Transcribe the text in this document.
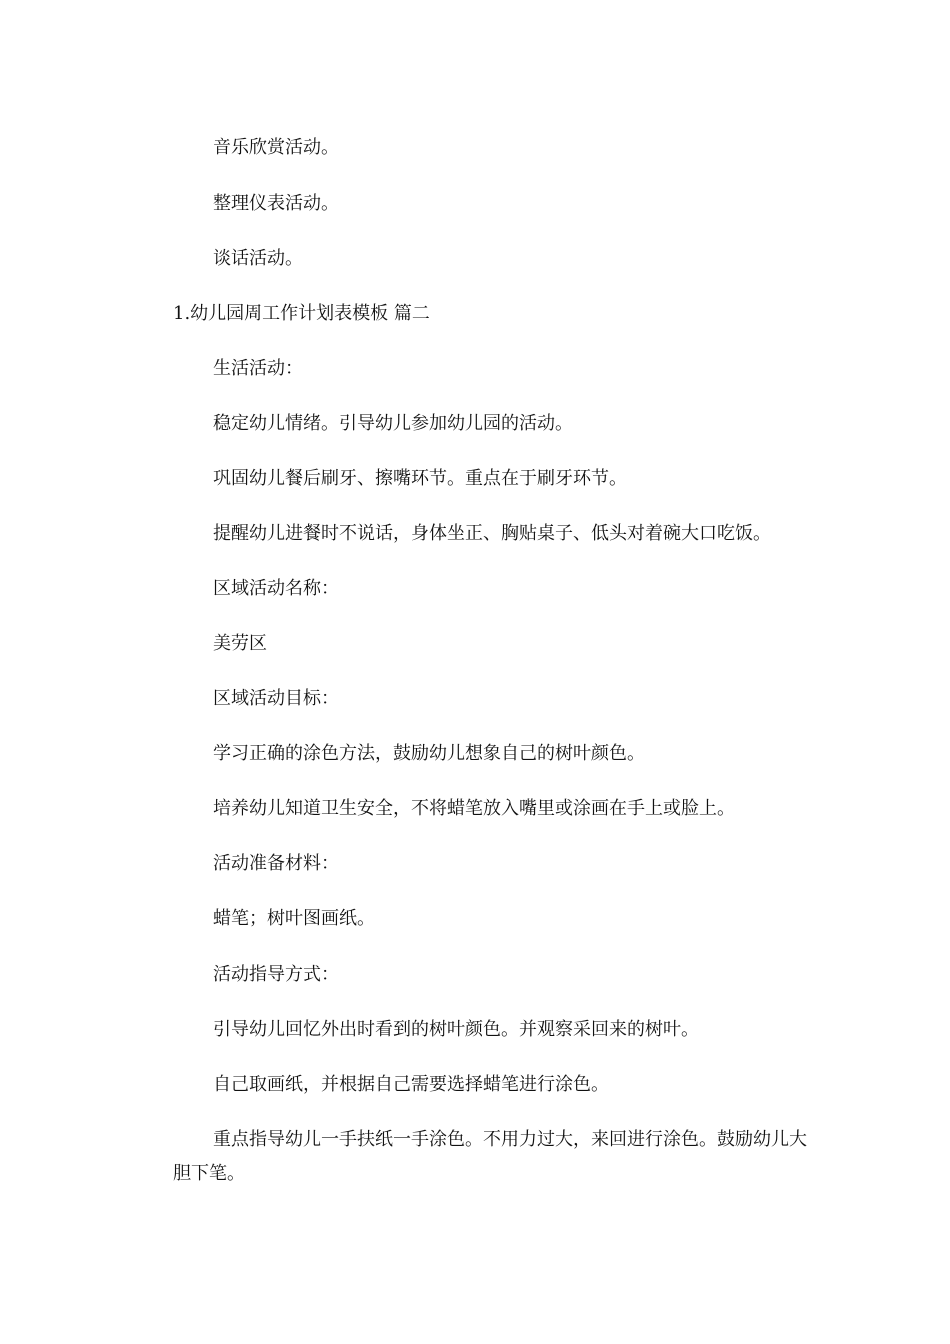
音乐欣赏活动。
整理仪表活动。
谈话活动。
1.幼儿园周工作计划表模板 篇二
生活活动：
稳定幼儿情绪。引导幼儿参加幼儿园的活动。
巩固幼儿餐后刷牙、擦嘴环节。重点在于刷牙环节。
提醒幼儿进餐时不说话，身体坐正、胸贴桌子、低头对着碗大口吃饭。
区域活动名称：
美劳区
区域活动目标：
学习正确的涂色方法，鼓励幼儿想象自己的树叶颜色。
培养幼儿知道卫生安全，不将蜡笔放入嘴里或涂画在手上或脸上。
活动准备材料：
蜡笔；树叶图画纸。
活动指导方式：
引导幼儿回忆外出时看到的树叶颜色。并观察采回来的树叶。
自己取画纸，并根据自己需要选择蜡笔进行涂色。
重点指导幼儿一手扶纸一手涂色。不用力过大，来回进行涂色。鼓励幼儿大胆下笔。
